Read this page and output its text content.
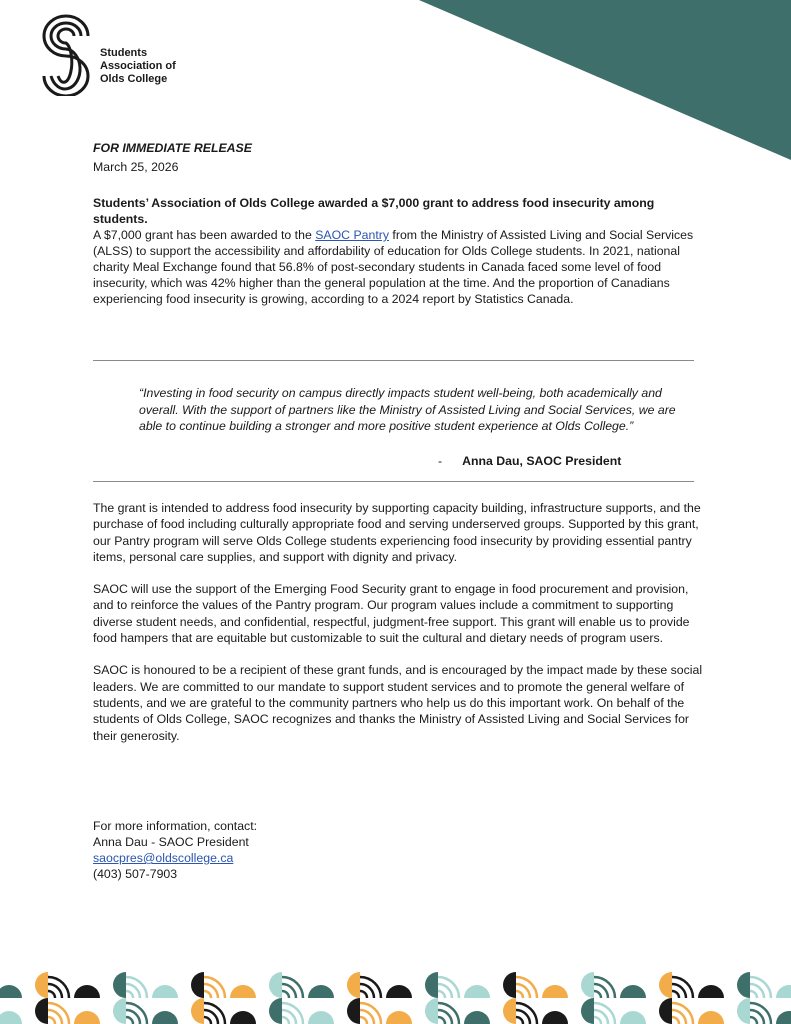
Students
Association of
Olds College

FOR IMMEDIATE RELEASE

March 25, 2026

Students’ Association of Olds College awarded a $7,000 grant to address food insecurity among students.

A $7,000 grant has been awarded to the SAOC Pantry from the Ministry of Assisted Living and Social Services (ALSS) to support the accessibility and affordability of education for Olds College students. In 2021, national charity Meal Exchange found that 56.8% of post-secondary students in Canada faced some level of food insecurity, which was 42% higher than the general population at the time. And the proportion of Canadians experiencing food insecurity is growing, according to a 2024 report by Statistics Canada.

“Investing in food security on campus directly impacts student well-being, both academically and overall. With the support of partners like the Ministry of Assisted Living and Social Services, we are able to continue building a stronger and more positive student experience at Olds College.”
- Anna Dau, SAOC President

The grant is intended to address food insecurity by supporting capacity building, infrastructure supports, and the purchase of food including culturally appropriate food and serving underserved groups. Supported by this grant, our Pantry program will serve Olds College students experiencing food insecurity by providing essential pantry items, personal care supplies, and support with dignity and privacy.

SAOC will use the support of the Emerging Food Security grant to engage in food procurement and provision, and to reinforce the values of the Pantry program. Our program values include a commitment to supporting diverse student needs, and confidential, respectful, judgment-free support. This grant will enable us to provide food hampers that are equitable but customizable to suit the cultural and dietary needs of program users.

SAOC is honoured to be a recipient of these grant funds, and is encouraged by the impact made by these social leaders. We are committed to our mandate to support student services and to promote the general welfare of students, and we are grateful to the community partners who help us do this important work. On behalf of the students of Olds College, SAOC recognizes and thanks the Ministry of Assisted Living and Social Services for their generosity.

For more information, contact:
Anna Dau - SAOC President
saocpres@oldscollege.ca
(403) 507-7903
